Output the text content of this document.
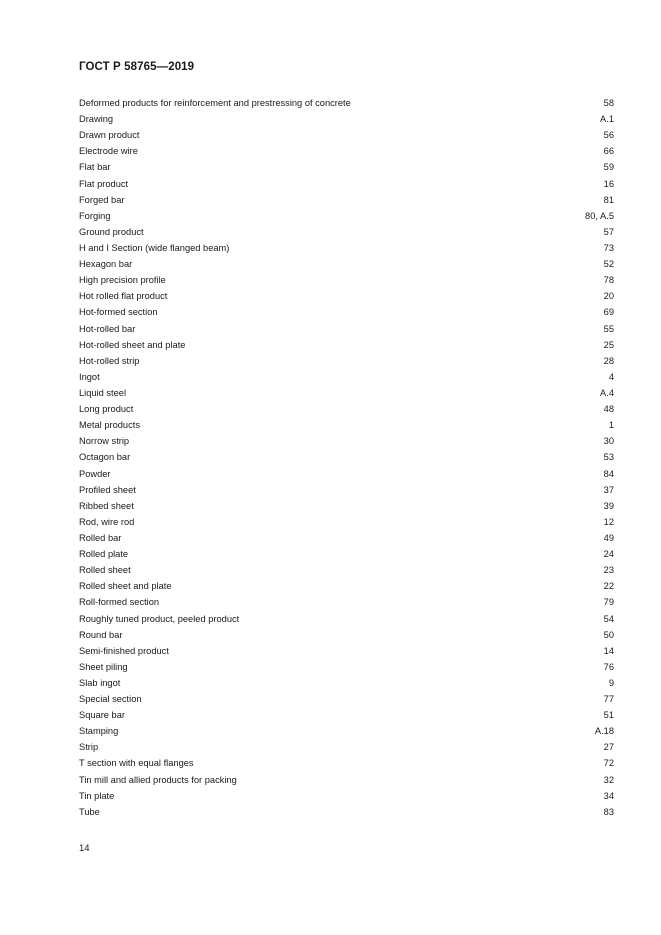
ГОСТ Р 58765—2019
Deformed products for reinforcement and prestressing of concrete	58
Drawing	A.1
Drawn product	56
Electrode wire	66
Flat bar	59
Flat product	16
Forged bar	81
Forging	80, A.5
Ground product	57
H and I Section (wide flanged beam)	73
Hexagon bar	52
High precision profile	78
Hot rolled flat product	20
Hot-formed section	69
Hot-rolled bar	55
Hot-rolled sheet and plate	25
Hot-rolled strip	28
Ingot	4
Liquid steel	A.4
Long product	48
Metal products	1
Norrow strip	30
Octagon bar	53
Powder	84
Profiled sheet	37
Ribbed sheet	39
Rod, wire rod	12
Rolled bar	49
Rolled plate	24
Rolled sheet	23
Rolled sheet and plate	22
Roll-formed section	79
Roughly tuned product, peeled product	54
Round bar	50
Semi-finished product	14
Sheet piling	76
Slab ingot	9
Special section	77
Square bar	51
Stamping	A.18
Strip	27
T section with equal flanges	72
Tin mill and allied products for packing	32
Tin plate	34
Tube	83
14
